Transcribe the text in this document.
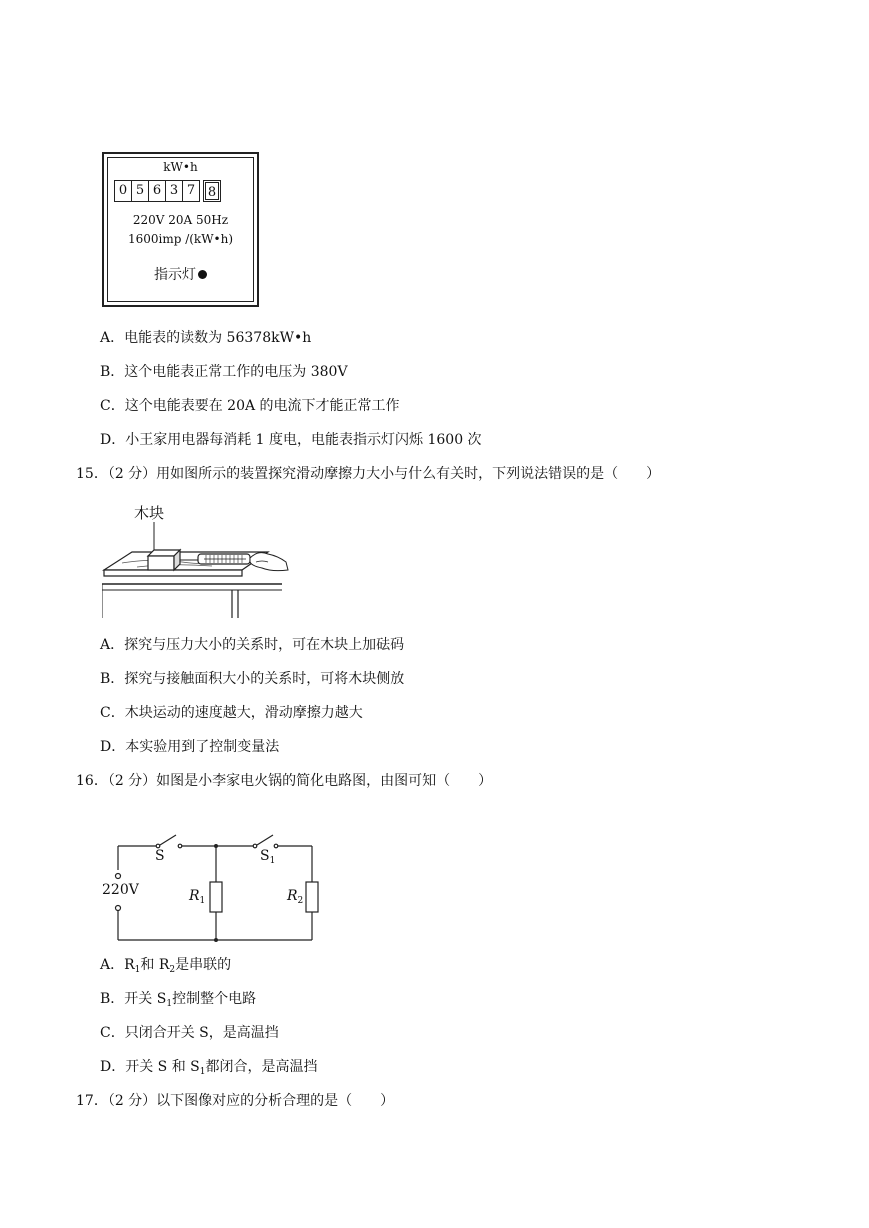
kW•h
0 5 6 3 7 8
220V 20A 50Hz
1600imp /(kW•h)
指示灯
A．电能表的读数为 56378kW•h
B．这个电能表正常工作的电压为 380V
C．这个电能表要在 20A 的电流下才能正常工作
D．小王家用电器每消耗 1 度电，电能表指示灯闪烁 1600 次
15．（2 分）用如图所示的装置探究滑动摩擦力大小与什么有关时，下列说法错误的是（　　）
木块
A．探究与压力大小的关系时，可在木块上加砝码
B．探究与接触面积大小的关系时，可将木块侧放
C．木块运动的速度越大，滑动摩擦力越大
D．本实验用到了控制变量法
16．（2 分）如图是小李家电火锅的简化电路图，由图可知（　　）
S	$S_1$
220V	$R_1$	$R_2$
A．$R_1$和 $R_2$是串联的
B．开关 $S_1$控制整个电路
C．只闭合开关 S，是高温挡
D．开关 S 和 $S_1$都闭合，是高温挡
17．（2 分）以下图像对应的分析合理的是（　　）
